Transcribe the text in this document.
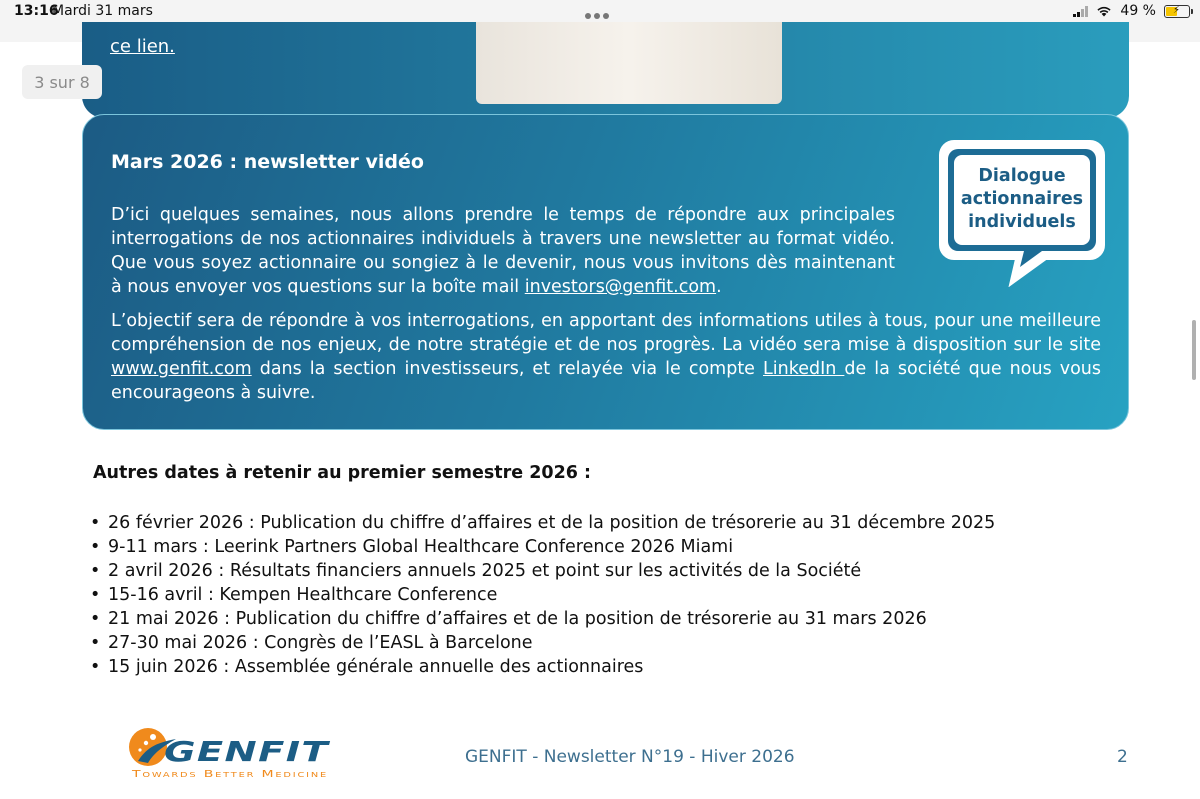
13:16
Mardi 31 mars	49 % ⚡
ce lien.
3 sur 8
Mars 2026 : newsletter vidéo

D’ici quelques semaines, nous allons prendre le temps de répondre aux principales interrogations de nos actionnaires individuels à travers une newsletter au format vidéo. Que vous soyez actionnaire ou songiez à le devenir, nous vous invitons dès maintenant à nous envoyer vos questions sur la boîte mail investors@genfit.com.

L’objectif sera de répondre à vos interrogations, en apportant des informations utiles à tous, pour une meilleure compréhension de nos enjeux, de notre stratégie et de nos progrès. La vidéo sera mise à disposition sur le site www.genfit.com dans la section investisseurs, et relayée via le compte LinkedIn de la société que nous vous encourageons à suivre.

Dialogue
actionnaires
individuels
Autres dates à retenir au premier semestre 2026 :
• 26 février 2026 : Publication du chiffre d’affaires et de la position de trésorerie au 31 décembre 2025
• 9-11 mars : Leerink Partners Global Healthcare Conference 2026 Miami
• 2 avril 2026 : Résultats financiers annuels 2025 et point sur les activités de la Société
• 15-16 avril : Kempen Healthcare Conference
• 21 mai 2026 : Publication du chiffre d’affaires et de la position de trésorerie au 31 mars 2026
• 27-30 mai 2026 : Congrès de l’EASL à Barcelone
• 15 juin 2026 : Assemblée générale annuelle des actionnaires
GENFIT
Towards Better Medicine
GENFIT - Newsletter N°19 - Hiver 2026	2
